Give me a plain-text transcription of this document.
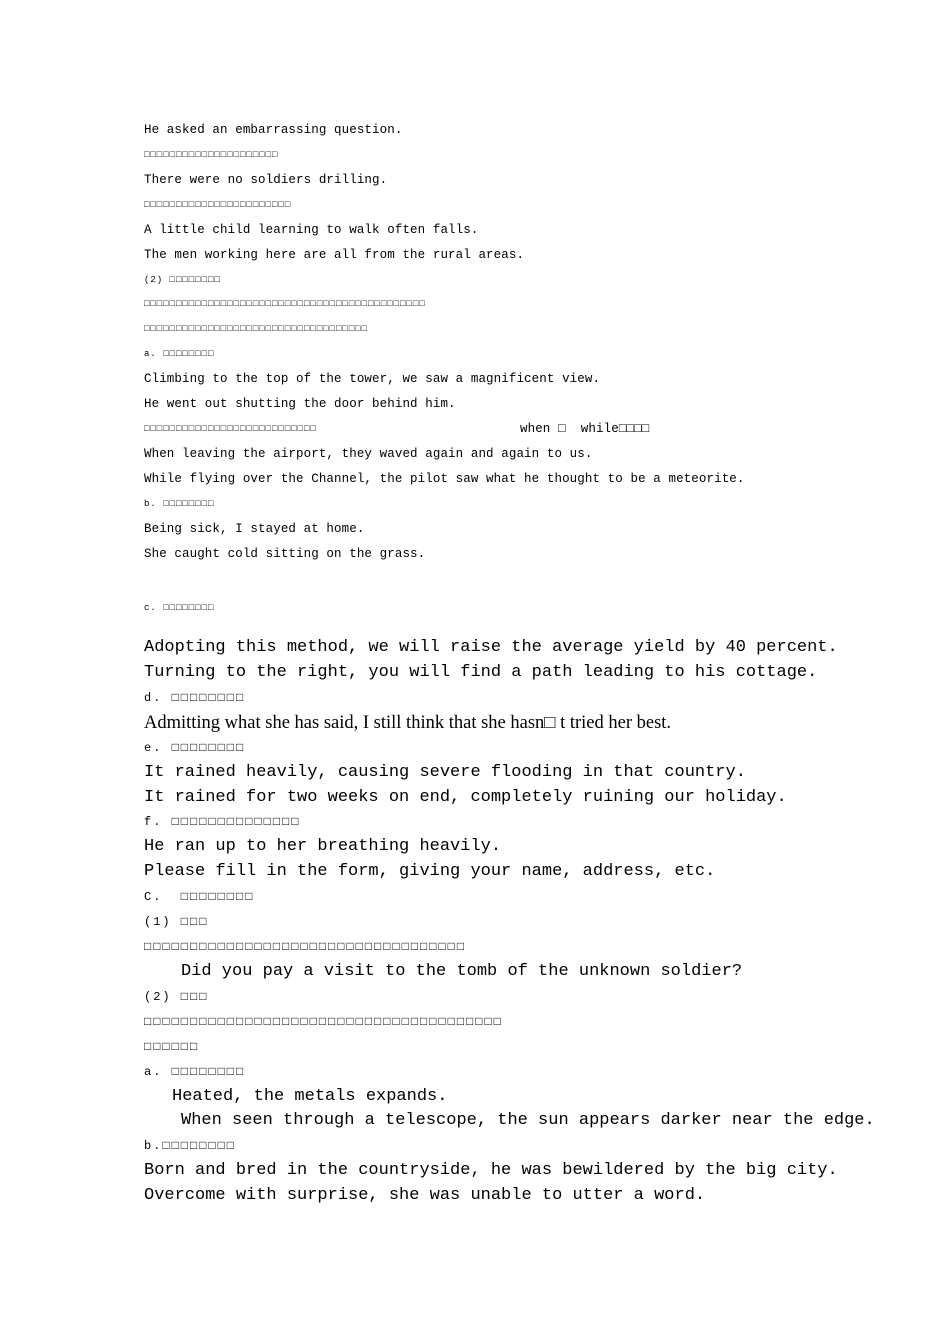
He asked an embarrassing question.

□□□□□□□□□□□□□□□□□□□□□

There were no soldiers drilling.

□□□□□□□□□□□□□□□□□□□□□□□

A little child learning to walk often falls.

The men working here are all from the rural areas.

(2) □□□□□□□□

□□□□□□□□□□□□□□□□□□□□□□□□□□□□□□□□□□□□□□□□□□□□

□□□□□□□□□□□□□□□□□□□□□□□□□□□□□□□□□□□

a. □□□□□□□□

Climbing to the top of the tower, we saw a magnificent view.

He went out shutting the door behind him.

□□□□□□□□□□□□□□□□□□□□□□□□□□□	when □  while□□□□

When leaving the airport, they waved again and again to us.

While flying over the Channel, the pilot saw what he thought to be a meteorite.

b. □□□□□□□□

Being sick, I stayed at home.

She caught cold sitting on the grass.

c. □□□□□□□□

Adopting this method, we will raise the average yield by 40 percent.

Turning to the right, you will find a path leading to his cottage.

d. □□□□□□□□

Admitting what she has said, I still think that she hasn□ t tried her best.

e. □□□□□□□□

It rained heavily, causing severe flooding in that country.

It rained for two weeks on end, completely ruining our holiday.

f. □□□□□□□□□□□□□□

He ran up to her breathing heavily.

Please fill in the form, giving your name, address, etc.

C.  □□□□□□□□

(1) □□□

□□□□□□□□□□□□□□□□□□□□□□□□□□□□□□□□□□□

Did you pay a visit to the tomb of the unknown soldier?

(2) □□□

□□□□□□□□□□□□□□□□□□□□□□□□□□□□□□□□□□□□□□□

□□□□□□

a. □□□□□□□□

Heated, the metals expands.

When seen through a telescope, the sun appears darker near the edge.

b.□□□□□□□□

Born and bred in the countryside, he was bewildered by the big city.

Overcome with surprise, she was unable to utter a word.
